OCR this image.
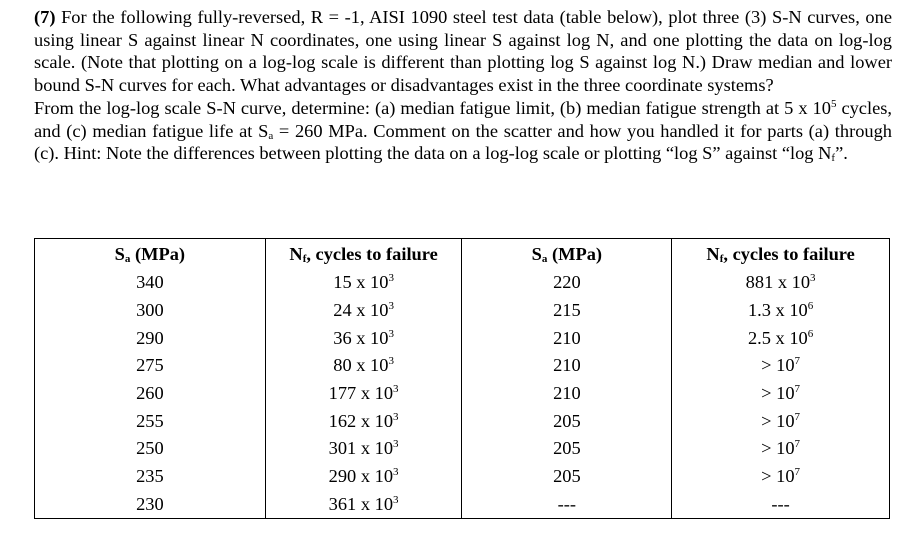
(7) For the following fully-reversed, R = -1, AISI 1090 steel test data (table below), plot three (3) S-N curves, one using linear S against linear N coordinates, one using linear S against log N, and one plotting the data on log-log scale. (Note that plotting on a log-log scale is different than plotting log S against log N.) Draw median and lower bound S-N curves for each. What advantages or disadvantages exist in the three coordinate systems?

From the log-log scale S-N curve, determine: (a) median fatigue limit, (b) median fatigue strength at 5 x $10^5$ cycles, and (c) median fatigue life at $S_a = 260$ MPa. Comment on the scatter and how you handled it for parts (a) through (c). Hint: Note the differences between plotting the data on a log-log scale or plotting “log S” against “log $N_f$”.

$S_a$ (MPa)	$N_f$, cycles to failure	$S_a$ (MPa)	$N_f$, cycles to failure
340	15 x $10^3$	220	881 x $10^3$
300	24 x $10^3$	215	1.3 x $10^6$
290	36 x $10^3$	210	2.5 x $10^6$
275	80 x $10^3$	210	> $10^7$
260	177 x $10^3$	210	> $10^7$
255	162 x $10^3$	205	> $10^7$
250	301 x $10^3$	205	> $10^7$
235	290 x $10^3$	205	> $10^7$
230	361 x $10^3$	---	---
